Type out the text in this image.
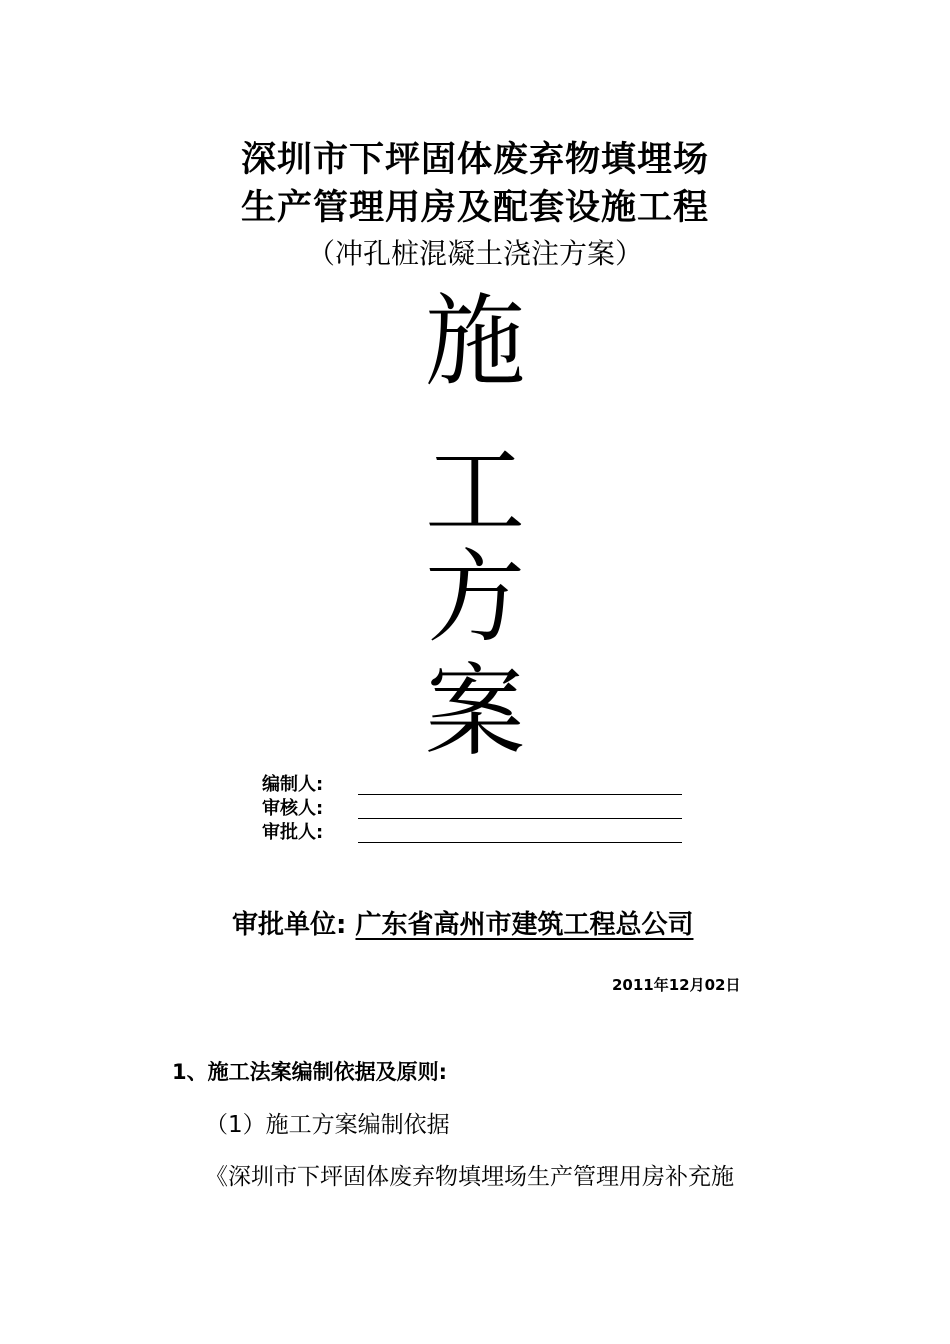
深圳市下坪固体废弃物填埋场
生产管理用房及配套设施工程
（冲孔桩混凝土浇注方案）
施
工
方
案
编制人:
审核人:
审批人:
审批单位: 广东省高州市建筑工程总公司
2011年12月02日
1、施工法案编制依据及原则:
（1）施工方案编制依据
《深圳市下坪固体废弃物填埋场生产管理用房补充施
